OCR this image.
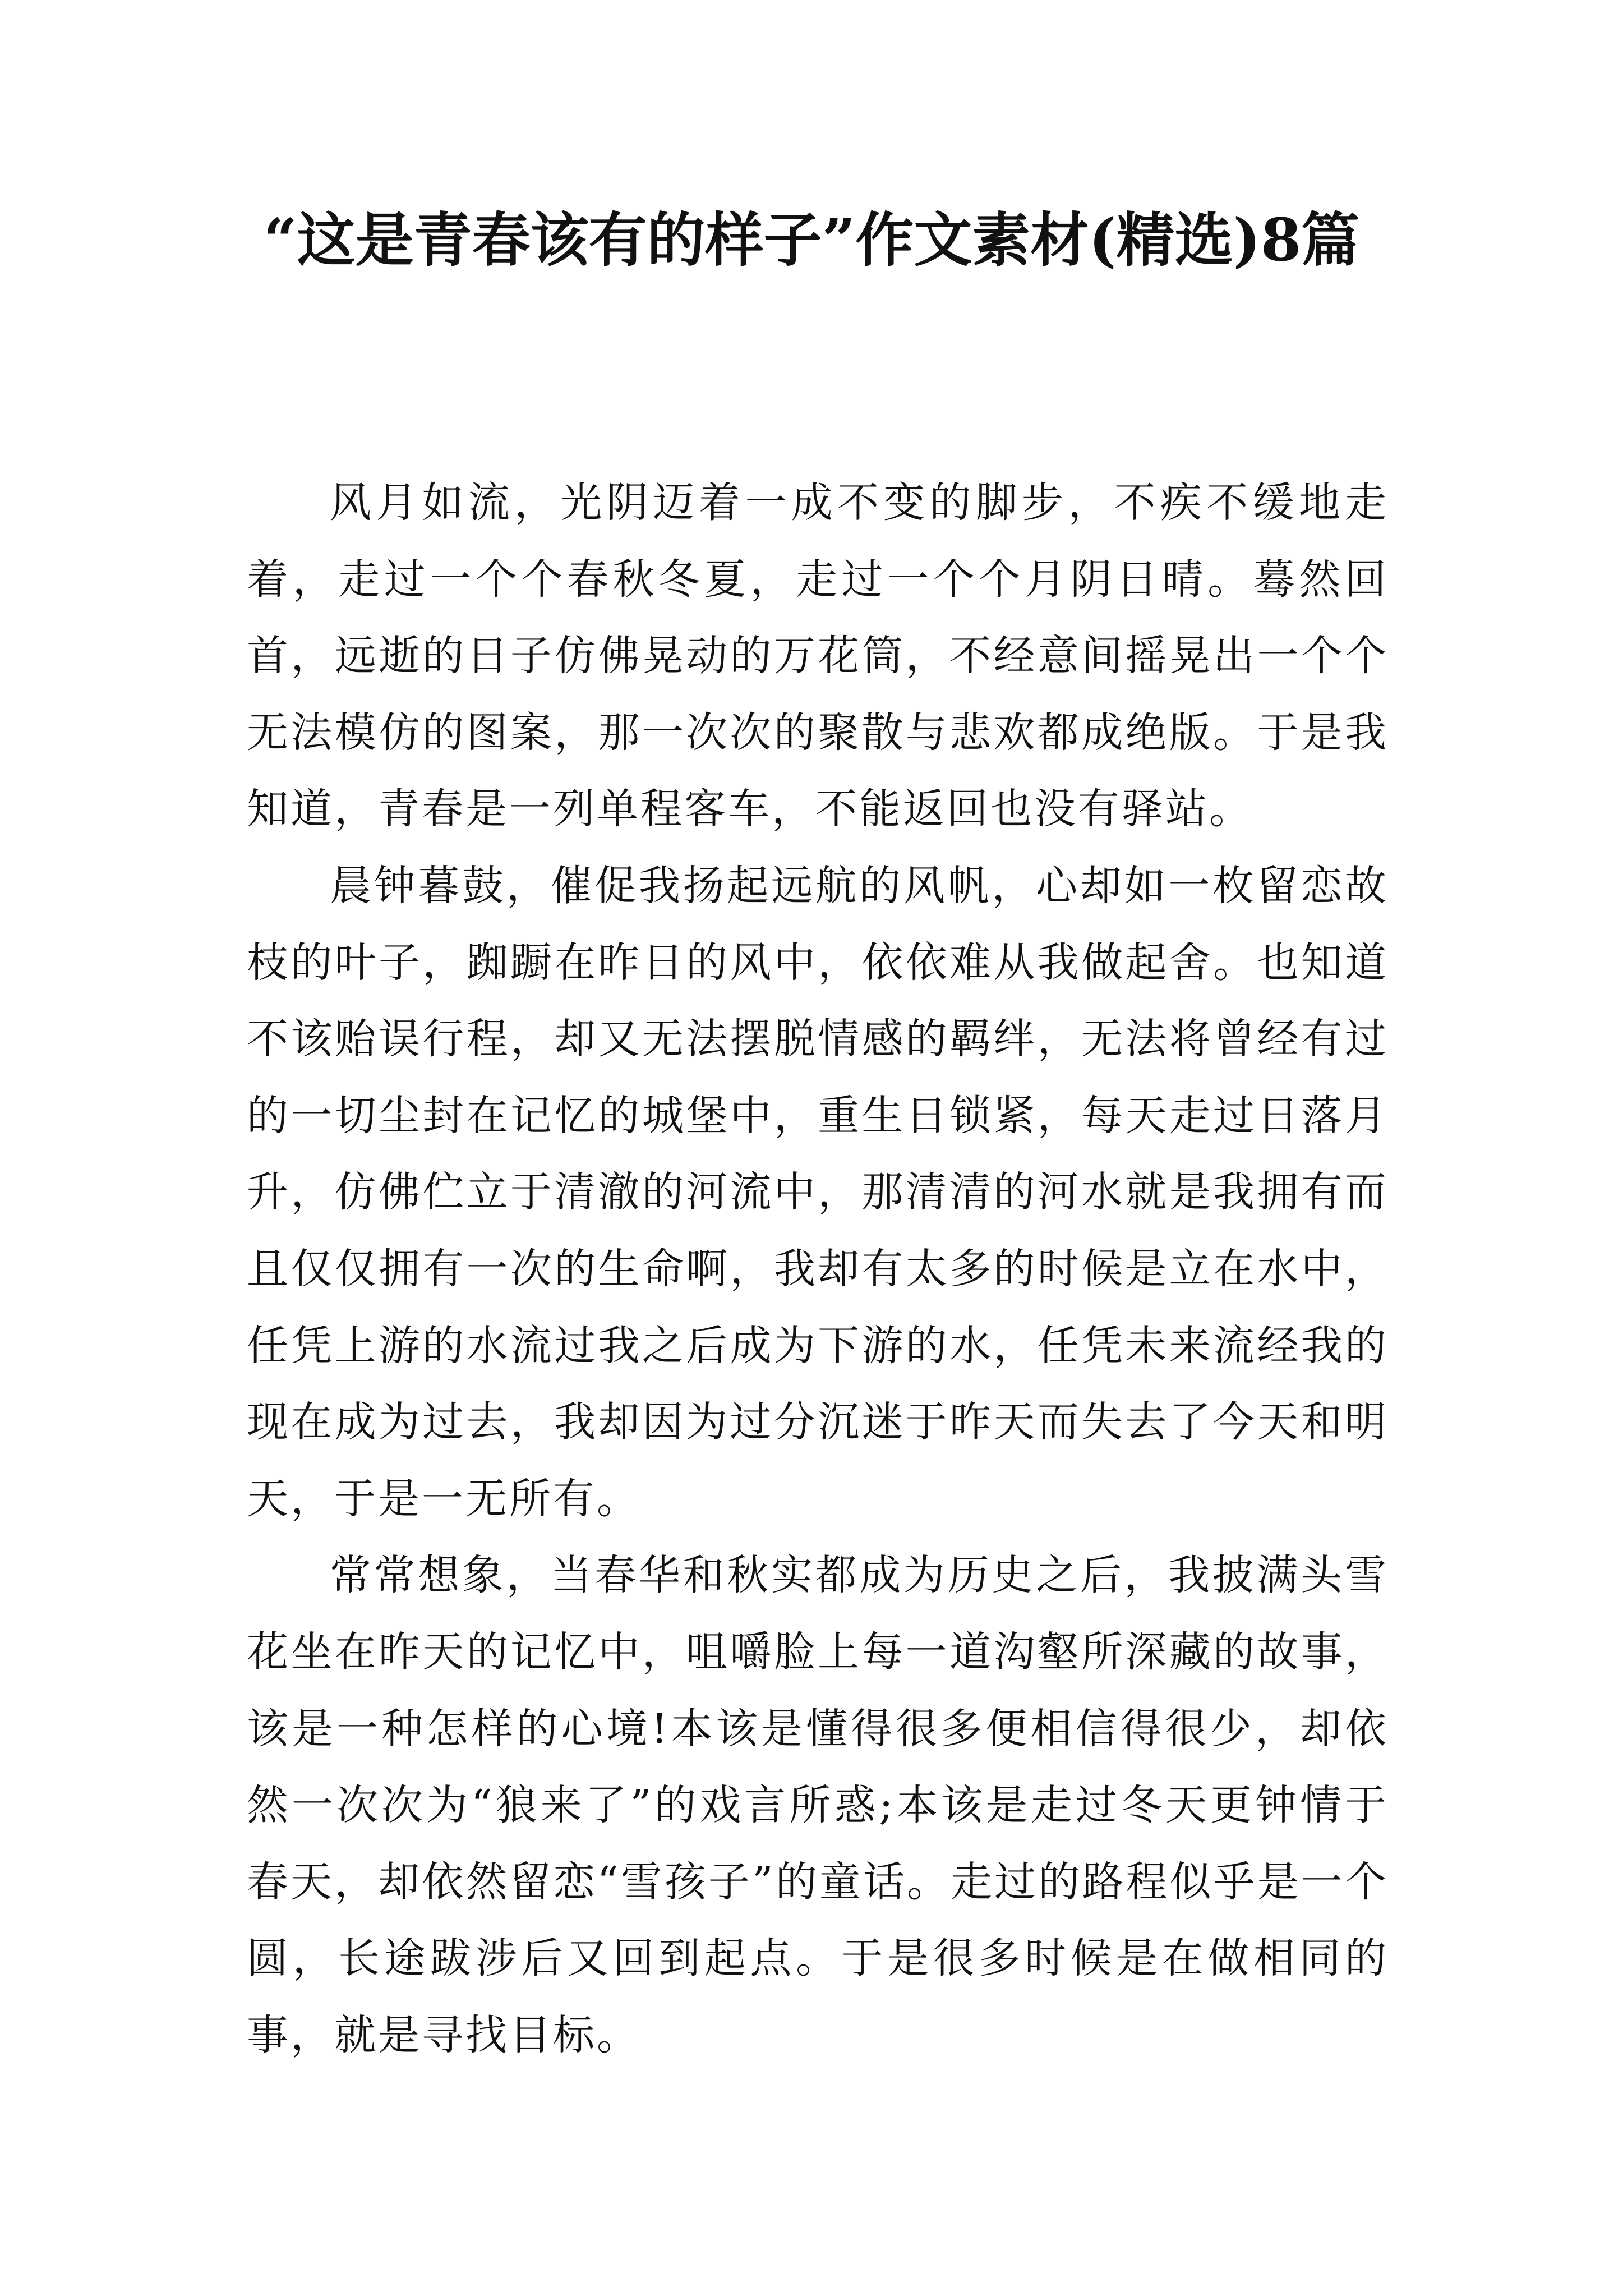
“这是青春该有的样子”作文素材(精选)8篇

风月如流，光阴迈着一成不变的脚步，不疾不缓地走着，走过一个个春秋冬夏，走过一个个月阴日晴。蓦然回首，远逝的日子仿佛晃动的万花筒，不经意间摇晃出一个个无法模仿的图案，那一次次的聚散与悲欢都成绝版。于是我知道，青春是一列单程客车，不能返回也没有驿站。

晨钟暮鼓，催促我扬起远航的风帆，心却如一枚留恋故枝的叶子，踟蹰在昨日的风中，依依难从我做起舍。也知道不该贻误行程，却又无法摆脱情感的羁绊，无法将曾经有过的一切尘封在记忆的城堡中，重生日锁紧，每天走过日落月升，仿佛伫立于清澈的河流中，那清清的河水就是我拥有而且仅仅拥有一次的生命啊，我却有太多的时候是立在水中，任凭上游的水流过我之后成为下游的水，任凭未来流经我的现在成为过去，我却因为过分沉迷于昨天而失去了今天和明天，于是一无所有。

常常想象，当春华和秋实都成为历史之后，我披满头雪花坐在昨天的记忆中，咀嚼脸上每一道沟壑所深藏的故事，该是一种怎样的心境!本该是懂得很多便相信得很少，却依然一次次为“狼来了”的戏言所惑;本该是走过冬天更钟情于春天，却依然留恋“雪孩子”的童话。走过的路程似乎是一个圆，长途跋涉后又回到起点。于是很多时候是在做相同的事，就是寻找目标。
